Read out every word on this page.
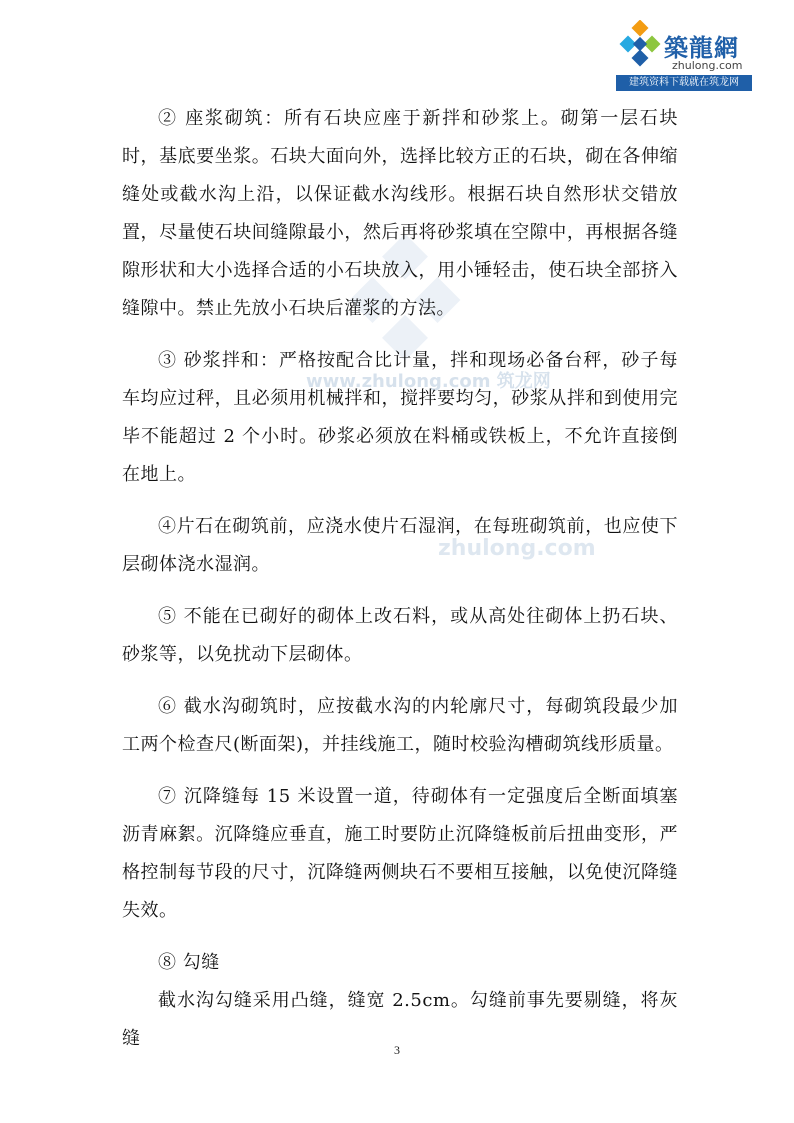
築龍網
zhulong.com
建筑资料下载就在筑龙网
www.zhulong.com 筑龙网
zhulong.com

② 座浆砌筑：所有石块应座于新拌和砂浆上。砌第一层石块时，基底要坐浆。石块大面向外，选择比较方正的石块，砌在各伸缩缝处或截水沟上沿，以保证截水沟线形。根据石块自然形状交错放置，尽量使石块间缝隙最小，然后再将砂浆填在空隙中，再根据各缝隙形状和大小选择合适的小石块放入，用小锤轻击，使石块全部挤入缝隙中。禁止先放小石块后灌浆的方法。

③ 砂浆拌和：严格按配合比计量，拌和现场必备台秤，砂子每车均应过秤，且必须用机械拌和，搅拌要均匀，砂浆从拌和到使用完毕不能超过 2 个小时。砂浆必须放在料桶或铁板上，不允许直接倒在地上。

④片石在砌筑前，应浇水使片石湿润，在每班砌筑前，也应使下层砌体浇水湿润。

⑤ 不能在已砌好的砌体上改石料，或从高处往砌体上扔石块、砂浆等，以免扰动下层砌体。

⑥ 截水沟砌筑时，应按截水沟的内轮廓尺寸，每砌筑段最少加工两个检查尺(断面架)，并挂线施工，随时校验沟槽砌筑线形质量。

⑦ 沉降缝每 15 米设置一道，待砌体有一定强度后全断面填塞沥青麻絮。沉降缝应垂直，施工时要防止沉降缝板前后扭曲变形，严格控制每节段的尺寸，沉降缝两侧块石不要相互接触，以免使沉降缝失效。

⑧ 勾缝

截水沟勾缝采用凸缝，缝宽 2.5cm。勾缝前事先要剔缝，将灰缝

3
